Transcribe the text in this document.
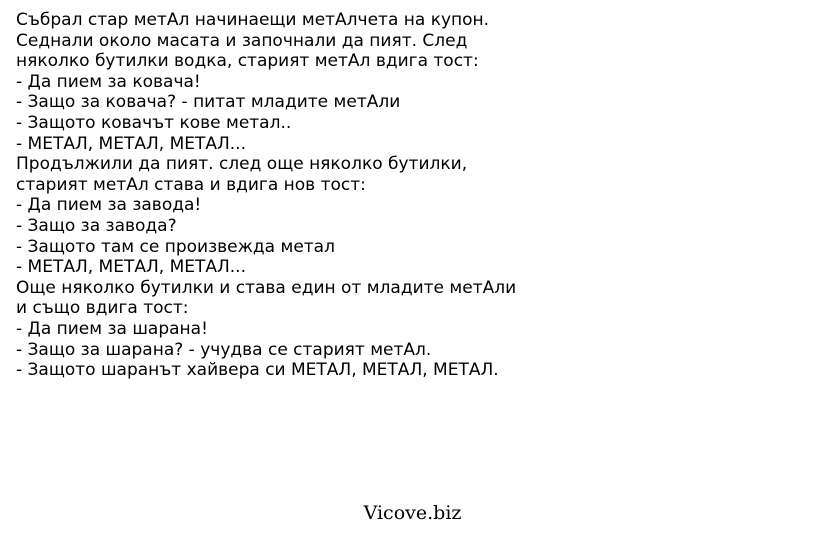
Събрал стар метАл начинаещи метАлчета на купон.
Седнали около масата и започнали да пият. След
няколко бутилки водка, старият метАл вдига тост:
- Да пием за ковача!
- Защо за ковача? - питат младите метАли
- Защото ковачът кове метал..
- МЕТАЛ, МЕТАЛ, МЕТАЛ...
Продължили да пият. след още няколко бутилки,
старият метАл става и вдига нов тост:
- Да пием за завода!
- Защо за завода?
- Защото там се произвежда метал
- МЕТАЛ, МЕТАЛ, МЕТАЛ...
Още няколко бутилки и става един от младите метАли
и също вдига тост:
- Да пием за шарана!
- Защо за шарана? - учудва се старият метАл.
- Защото шаранът хайвера си МЕТАЛ, МЕТАЛ, МЕТАЛ.
Vicove.biz
